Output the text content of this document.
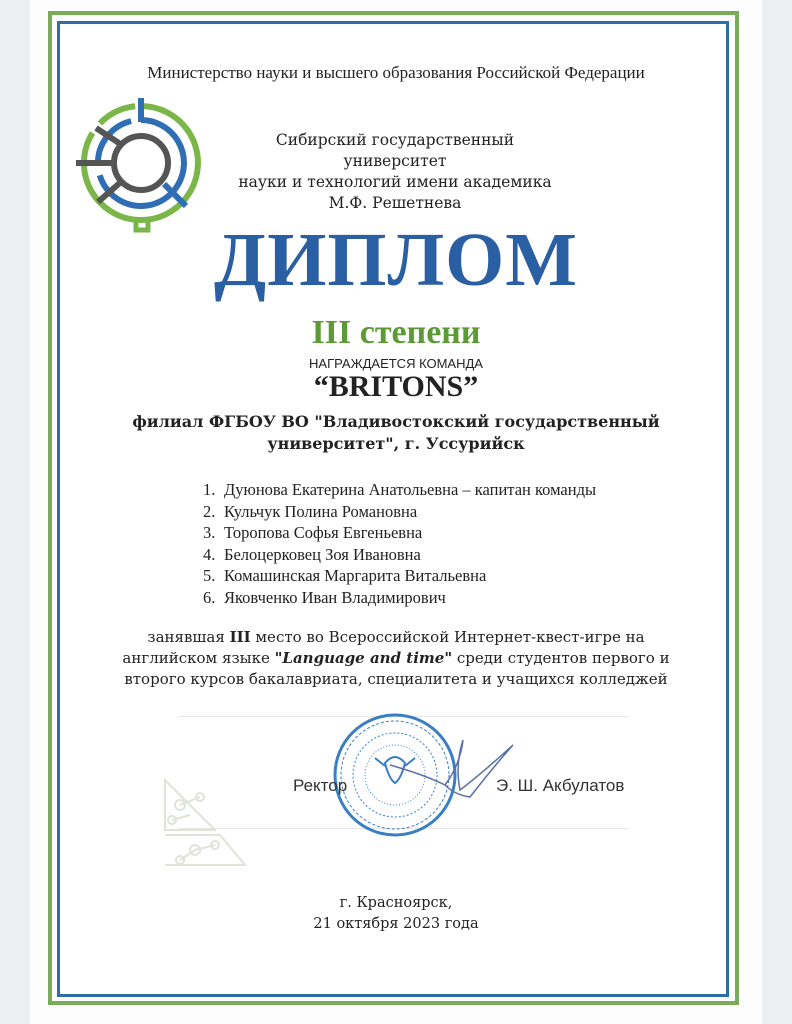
Министерство науки и высшего образования Российской Федерации
Сибирский государственный университет
науки и технологий имени академика
М.Ф. Решетнева
ДИПЛОМ
III степени
НАГРАЖДАЕТСЯ КОМАНДА
“BRITONS”
филиал ФГБОУ ВО "Владивостокский государственный
университет", г. Уссурийск
1. Дуюнова Екатерина Анатольевна – капитан команды
2. Кульчук Полина Романовна
3. Торопова Софья Евгеньевна
4. Белоцерковец Зоя Ивановна
5. Комашинская Маргарита Витальевна
6. Яковченко Иван Владимирович
занявшая III место во Всероссийской Интернет-квест-игре на
английском языке "Language and time" среди студентов первого и
второго курсов бакалавриата, специалитета и учащихся колледжей
Ректор	Э. Ш. Акбулатов
г. Красноярск,
21 октября 2023 года
